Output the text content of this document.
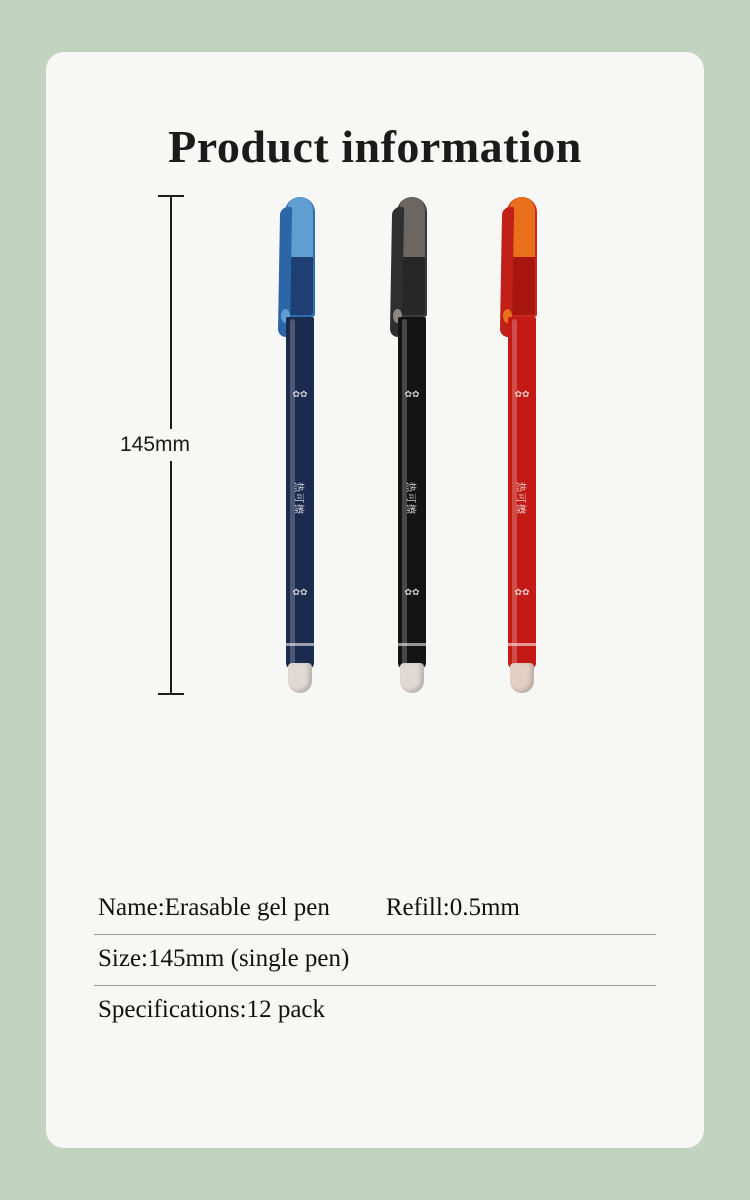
Product information
145mm
✿✿
热可擦
✿✿
✿✿
热可擦
✿✿
✿✿
热可擦
✿✿
Name:Erasable gel pen Refill:0.5mm
Size:145mm (single pen)
Specifications:12 pack
